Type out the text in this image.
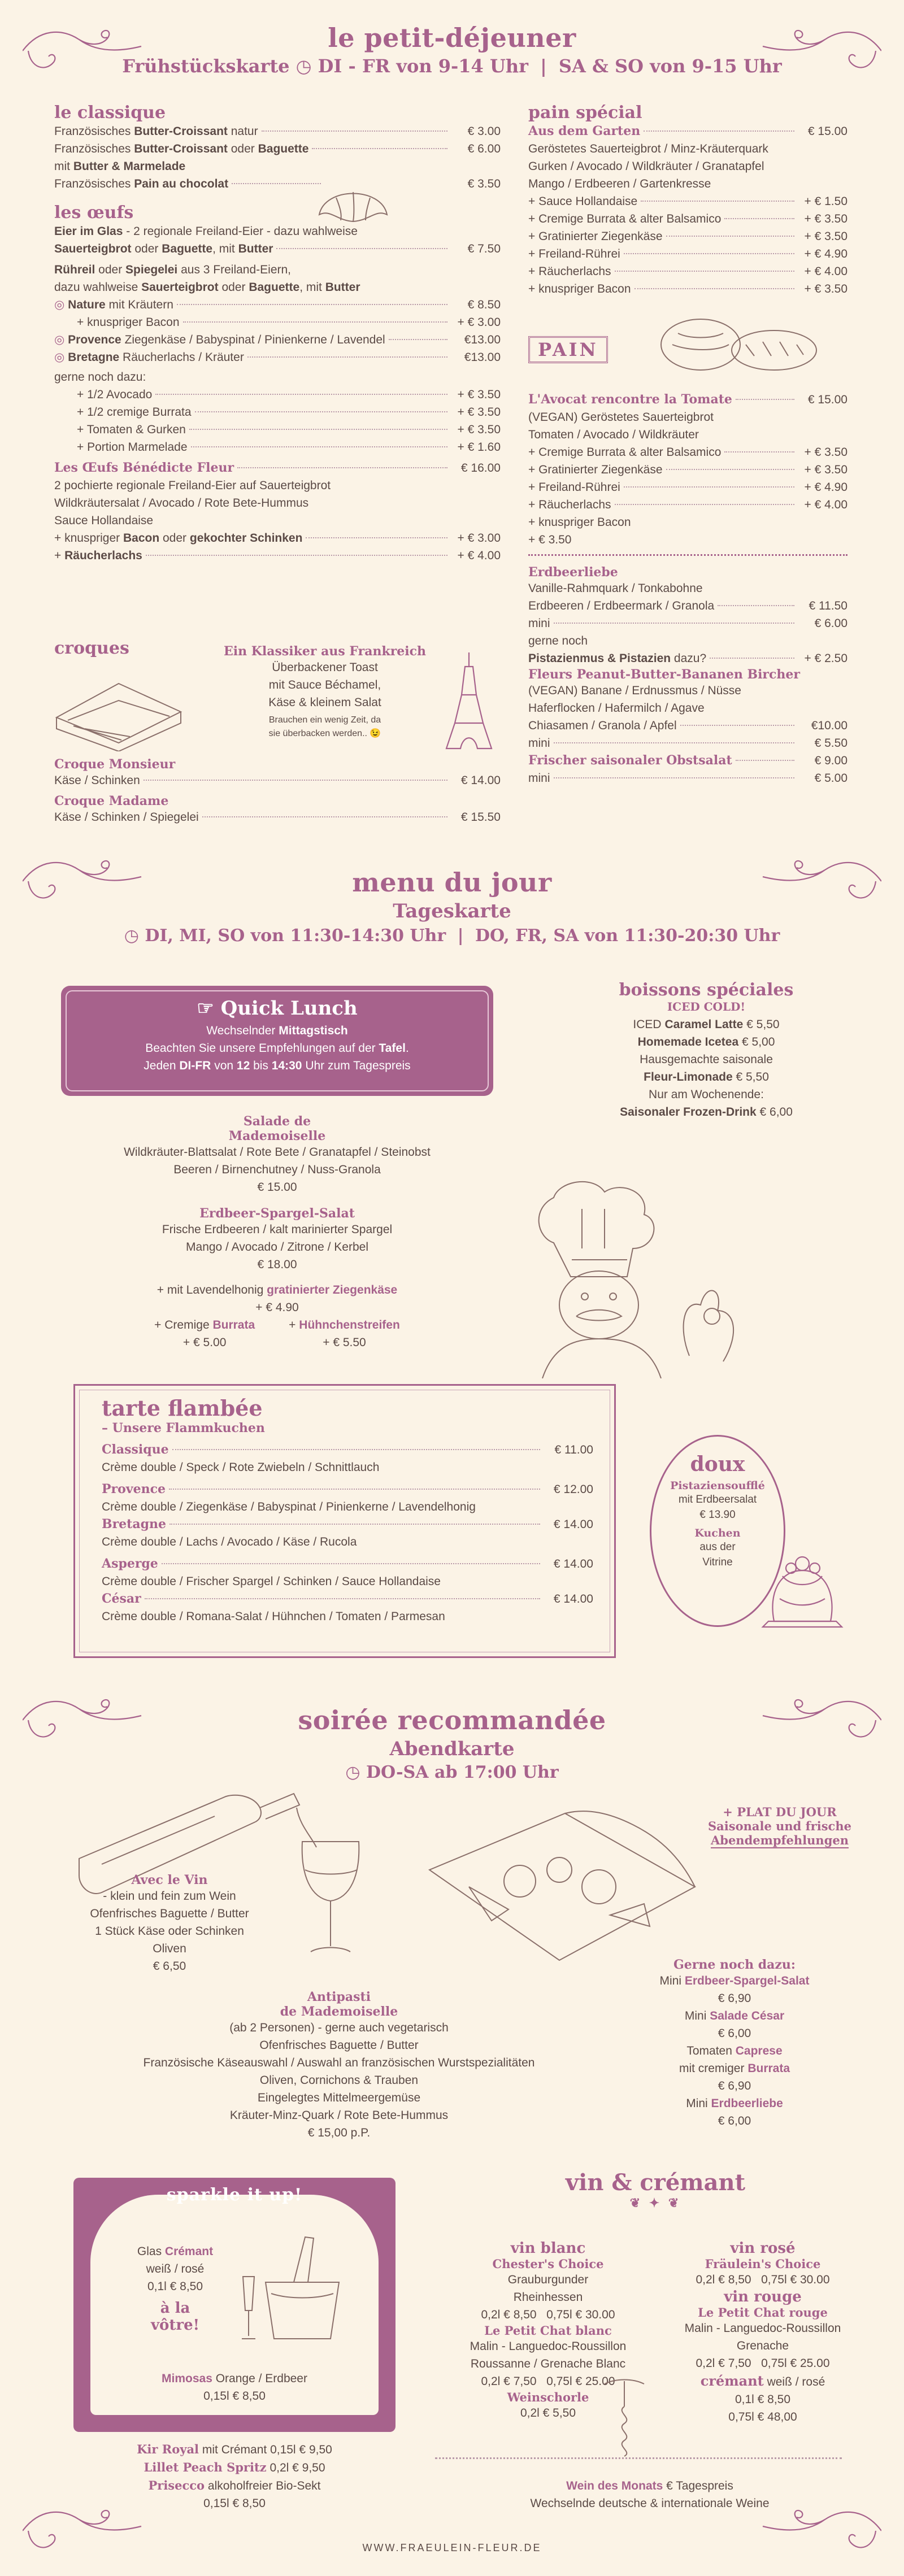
le petit-déjeuner
Frühstückskarte ◷ DI - FR von 9-14 Uhr | SA & SO von 9-15 Uhr
le classique
Französisches Butter-Croissant natur	€ 3.00
Französisches Butter-Croissant oder Baguette	€ 6.00
mit Butter & Marmelade
Französisches Pain au chocolat	€ 3.50
les œufs
Eier im Glas - 2 regionale Freiland-Eier - dazu wahlweise
Sauerteigbrot oder Baguette, mit Butter	€ 7.50
Rühreil oder Spiegelei aus 3 Freiland-Eiern,
dazu wahlweise Sauerteigbrot oder Baguette, mit Butter
◎ Nature mit Kräutern	€ 8.50
+ knuspriger Bacon	+ € 3.00
◎ Provence Ziegenkäse / Babyspinat / Pinienkerne / Lavendel	€13.00
◎ Bretagne Räucherlachs / Kräuter	€13.00
gerne noch dazu:
+ 1/2 Avocado	+ € 3.50
+ 1/2 cremige Burrata	+ € 3.50
+ Tomaten & Gurken	+ € 3.50
+ Portion Marmelade	+ € 1.60
Les Œufs Bénédicte Fleur	€ 16.00
2 pochierte regionale Freiland-Eier auf Sauerteigbrot
Wildkräutersalat / Avocado / Rote Bete-Hummus
Sauce Hollandaise
+ knuspriger Bacon oder gekochter Schinken	+ € 3.00
+ Räucherlachs	+ € 4.00
croques	Ein Klassiker aus Frankreich
Überbackener Toast
mit Sauce Béchamel,
Käse & kleinem Salat
Brauchen ein wenig Zeit, da
sie überbacken werden.. 😉
Croque Monsieur
Käse / Schinken	€ 14.00
Croque Madame
Käse / Schinken / Spiegelei	€ 15.50
pain spécial
Aus dem Garten	€ 15.00
Geröstetes Sauerteigbrot / Minz-Kräuterquark
Gurken / Avocado / Wildkräuter / Granatapfel
Mango / Erdbeeren / Gartenkresse
+ Sauce Hollandaise	+ € 1.50
+ Cremige Burrata & alter Balsamico	+ € 3.50
+ Gratinierter Ziegenkäse	+ € 3.50
+ Freiland-Rührei	+ € 4.90
+ Räucherlachs	+ € 4.00
+ knuspriger Bacon	+ € 3.50
PAIN
L'Avocat rencontre la Tomate	€ 15.00
(VEGAN) Geröstetes Sauerteigbrot
Tomaten / Avocado / Wildkräuter
+ Cremige Burrata & alter Balsamico	+ € 3.50
+ Gratinierter Ziegenkäse	+ € 3.50
+ Freiland-Rührei	+ € 4.90
+ Räucherlachs	+ € 4.00
+ knuspriger Bacon
+ € 3.50
Erdbeerliebe
Vanille-Rahmquark / Tonkabohne
Erdbeeren / Erdbeermark / Granola	€ 11.50
mini	€ 6.00
gerne noch
Pistazienmus & Pistazien dazu?	+ € 2.50
Fleurs Peanut-Butter-Bananen Bircher
(VEGAN) Banane / Erdnussmus / Nüsse
Haferflocken / Hafermilch / Agave
Chiasamen / Granola / Apfel	€10.00
mini	€ 5.50
Frischer saisonaler Obstsalat	€ 9.00
mini	€ 5.00
menu du jour
Tageskarte
◷ DI, MI, SO von 11:30-14:30 Uhr | DO, FR, SA von 11:30-20:30 Uhr
☞ Quick Lunch
Wechselnder Mittagstisch
Beachten Sie unsere Empfehlungen auf der Tafel.
Jeden DI-FR von 12 bis 14:30 Uhr zum Tagespreis
Salade de
Mademoiselle
Wildkräuter-Blattsalat / Rote Bete / Granatapfel / Steinobst
Beeren / Birnenchutney / Nuss-Granola
€ 15.00
Erdbeer-Spargel-Salat
Frische Erdbeeren / kalt marinierter Spargel
Mango / Avocado / Zitrone / Kerbel
€ 18.00
+ mit Lavendelhonig gratinierter Ziegenkäse
+ € 4.90
+ Cremige Burrata
+ € 5.00
+ Hühnchenstreifen
+ € 5.50
boissons spéciales
ICED COLD!
ICED Caramel Latte € 5,50
Homemade Icetea € 5,00
Hausgemachte saisonale
Fleur-Limonade € 5,50
Nur am Wochenende:
Saisonaler Frozen-Drink € 6,00
tarte flambée
– Unsere Flammkuchen
Classique	€ 11.00
Crème double / Speck / Rote Zwiebeln / Schnittlauch
Provence	€ 12.00
Crème double / Ziegenkäse / Babyspinat / Pinienkerne / Lavendelhonig
Bretagne	€ 14.00
Crème double / Lachs / Avocado / Käse / Rucola
Asperge	€ 14.00
Crème double / Frischer Spargel / Schinken / Sauce Hollandaise
César	€ 14.00
Crème double / Romana-Salat / Hühnchen / Tomaten / Parmesan
doux
Pistaziensoufflé
mit Erdbeersalat
€ 13.90
Kuchen
aus der
Vitrine
soirée recommandée
Abendkarte
◷ DO-SA ab 17:00 Uhr
Avec le Vin
- klein und fein zum Wein
Ofenfrisches Baguette / Butter
1 Stück Käse oder Schinken
Oliven
€ 6,50
+ PLAT DU JOUR
Saisonale und frische
Abendempfehlungen
Antipasti
de Mademoiselle
(ab 2 Personen) - gerne auch vegetarisch
Ofenfrisches Baguette / Butter
Französische Käseauswahl / Auswahl an französischen Wurstspezialitäten
Oliven, Cornichons & Trauben
Eingelegtes Mittelmeergemüse
Kräuter-Minz-Quark / Rote Bete-Hummus
€ 15,00 p.P.
Gerne noch dazu:
Mini Erdbeer-Spargel-Salat
€ 6,90
Mini Salade César
€ 6,00
Tomaten Caprese
mit cremiger Burrata
€ 6,90
Mini Erdbeerliebe
€ 6,00
sparkle it up!
Glas Crémant
weiß / rosé
0,1l € 8,50
à la
vôtre!
Mimosas Orange / Erdbeer
0,15l € 8,50
Kir Royal mit Crémant 0,15l € 9,50
Lillet Peach Spritz 0,2l € 9,50
Prisecco alkoholfreier Bio-Sekt
0,15l € 8,50
vin & crémant
❦ ✦ ❦
vin blanc
Chester's Choice
Grauburgunder
Rheinhessen
0,2l € 8,50   0,75l € 30.00
Le Petit Chat blanc
Malin - Languedoc-Roussillon
Roussanne / Grenache Blanc
0,2l € 7,50   0,75l € 25.00
Weinschorle
0,2l € 5,50
vin rosé
Fräulein's Choice
0,2l € 8,50   0,75l € 30.00
vin rouge
Le Petit Chat rouge
Malin - Languedoc-Roussillon
Grenache
0,2l € 7,50   0,75l € 25.00
crémant weiß / rosé
0,1l € 8,50
0,75l € 48,00
Wein des Monats € Tagespreis
Wechselnde deutsche & internationale Weine
WWW.FRAEULEIN-FLEUR.DE
